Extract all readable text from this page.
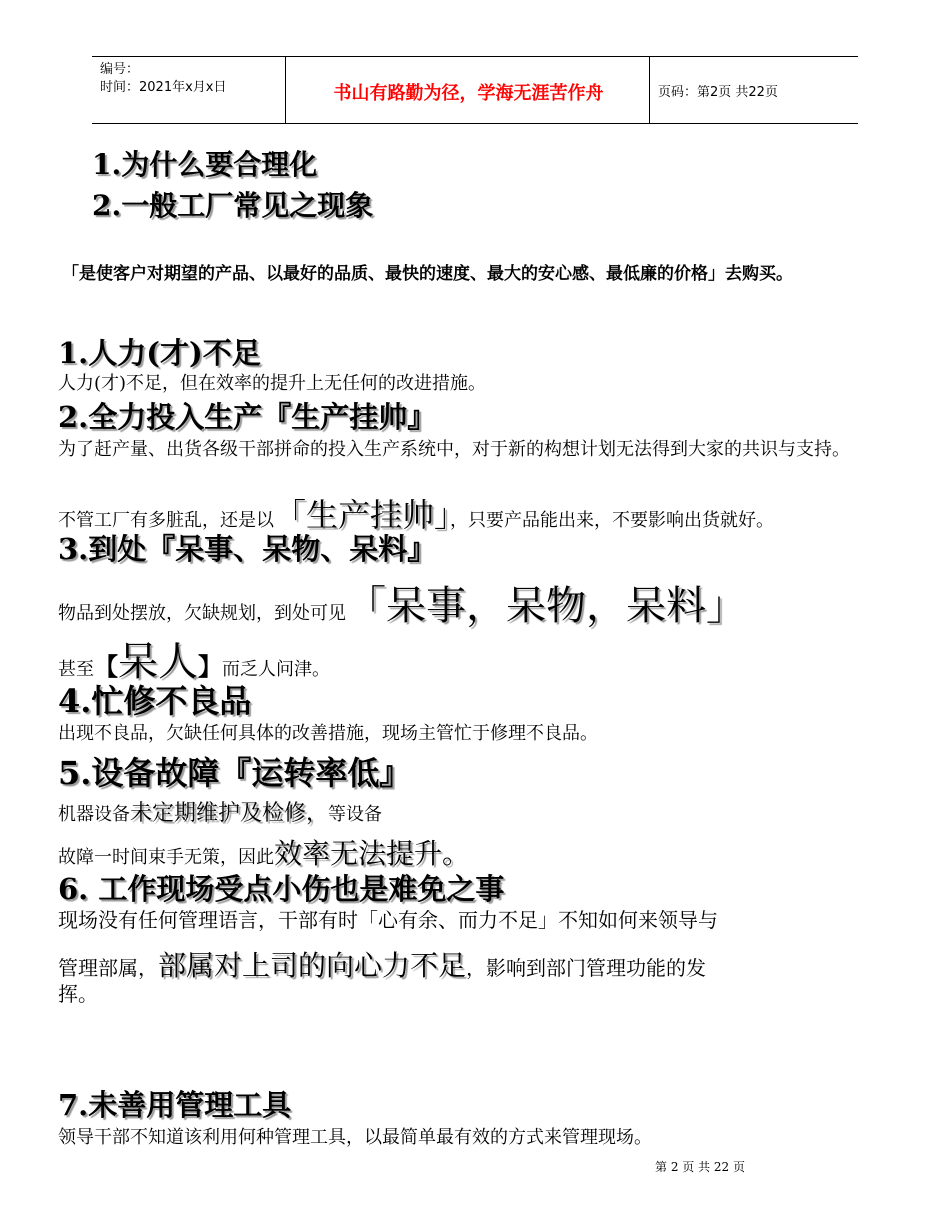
编号：
时间：2021年x月x日	书山有路勤为径，学海无涯苦作舟	页码：第2页 共22页
1.为什么要合理化
2.一般工厂常见之现象
「是使客户对期望的产品、以最好的品质、最快的速度、最大的安心感、最低廉的价格」去购买。
1.人力(才)不足
人力(才)不足，但在效率的提升上无任何的改进措施。
2.全力投入生产『生产挂帅』
为了赶产量、出货各级干部拼命的投入生产系统中，对于新的构想计划无法得到大家的共识与支持。
不管工厂有多脏乱，还是以「生产挂帅」，只要产品能出来，不要影响出货就好。
3.到处『呆事、呆物、呆料』
物品到处摆放，欠缺规划，到处可见「呆事，呆物，呆料」
甚至【呆人】而乏人问津。
4.忙修不良品
出现不良品，欠缺任何具体的改善措施，现场主管忙于修理不良品。
5.设备故障『运转率低』
机器设备未定期维护及检修，等设备
故障一时间束手无策，因此效率无法提升。
6. 工作现场受点小伤也是难免之事
现场没有任何管理语言，干部有时「心有余、而力不足」不知如何来领导与
管理部属，部属对上司的向心力不足，影响到部门管理功能的发
挥。
7.未善用管理工具
领导干部不知道该利用何种管理工具，以最简单最有效的方式来管理现场。
第 2 页 共 22 页
